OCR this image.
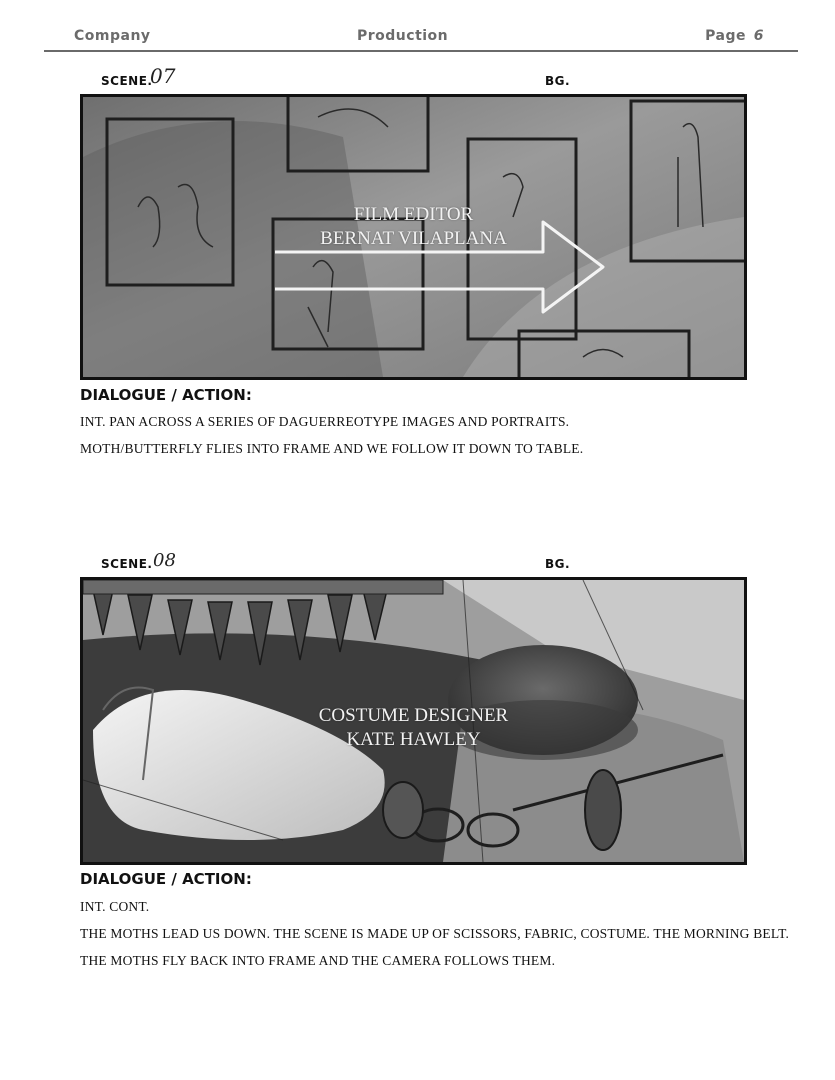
Company	Production	Page 6
SCENE.
07	BG.
FILM EDITOR
BERNAT VILAPLANA
DIALOGUE / ACTION:
INT. PAN ACROSS A SERIES OF DAGUERREOTYPE IMAGES AND PORTRAITS.
MOTH/BUTTERFLY FLIES INTO FRAME AND WE FOLLOW IT DOWN TO TABLE.
SCENE. 08	BG.
COSTUME DESIGNER
KATE HAWLEY
DIALOGUE / ACTION:
INT. CONT.
THE MOTHS LEAD US DOWN. THE SCENE IS MADE UP OF SCISSORS, FABRIC, COSTUME. THE MORNING BELT.
THE MOTHS FLY BACK INTO FRAME AND THE CAMERA FOLLOWS THEM.
